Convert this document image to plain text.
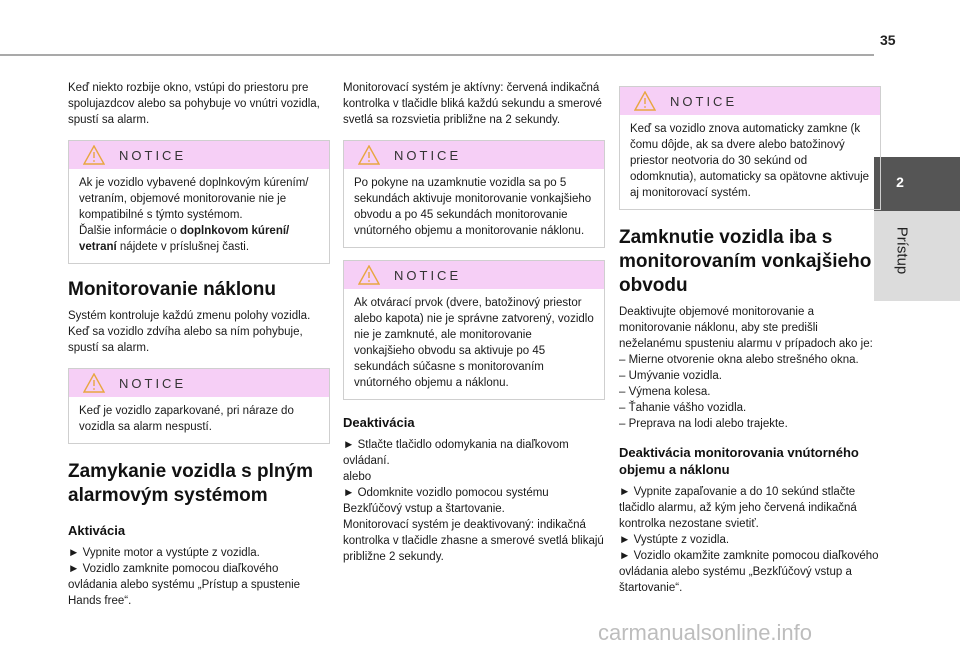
35
2
Prístup

Keď niekto rozbije okno, vstúpi do priestoru pre spolujazdcov alebo sa pohybuje vo vnútri vozidla, spustí sa alarm.

NOTICE

Ak je vozidlo vybavené doplnkovým kúrením/ vetraním, objemové monitorovanie nie je kompatibilné s týmto systémom.

Ďalšie informácie o doplnkovom kúrení/ vetraní nájdete v príslušnej časti.

Monitorovanie náklonu

Systém kontroluje každú zmenu polohy vozidla. Keď sa vozidlo zdvíha alebo sa ním pohybuje, spustí sa alarm.

NOTICE

Keď je vozidlo zaparkované, pri náraze do vozidla sa alarm nespustí.

Zamykanie vozidla s plným alarmovým systémom
Aktivácia

► Vypnite motor a vystúpte z vozidla.

► Vozidlo zamknite pomocou diaľkového ovládania alebo systému „Prístup a spustenie Hands free“.

Monitorovací systém je aktívny: červená indikačná kontrolka v tlačidle bliká každú sekundu a smerové svetlá sa rozsvietia približne na 2 sekundy.

NOTICE

Po pokyne na uzamknutie vozidla sa po 5 sekundách aktivuje monitorovanie vonkajšieho obvodu a po 45 sekundách monitorovanie vnútorného objemu a monitorovanie náklonu.

NOTICE

Ak otvárací prvok (dvere, batožinový priestor alebo kapota) nie je správne zatvorený, vozidlo nie je zamknuté, ale monitorovanie vonkajšieho obvodu sa aktivuje po 45 sekundách súčasne s monitorovaním vnútorného objemu a náklonu.

Deaktivácia

► Stlačte tlačidlo odomykania na diaľkovom ovládaní.

alebo

► Odomknite vozidlo pomocou systému Bezkľúčový vstup a štartovanie.

Monitorovací systém je deaktivovaný: indikačná kontrolka v tlačidle zhasne a smerové svetlá blikajú približne 2 sekundy.

NOTICE

Keď sa vozidlo znova automaticky zamkne (k čomu dôjde, ak sa dvere alebo batožinový priestor neotvoria do 30 sekúnd od odomknutia), automaticky sa opätovne aktivuje aj monitorovací systém.

Zamknutie vozidla iba s monitorovaním vonkajšieho obvodu

Deaktivujte objemové monitorovanie a monitorovanie náklonu, aby ste predišli neželanému spusteniu alarmu v prípadoch ako je:

– Mierne otvorenie okna alebo strešného okna.

– Umývanie vozidla.

– Výmena kolesa.

– Ťahanie vášho vozidla.

– Preprava na lodi alebo trajekte.

Deaktivácia monitorovania vnútorného objemu a náklonu

► Vypnite zapaľovanie a do 10 sekúnd stlačte tlačidlo alarmu, až kým jeho červená indikačná kontrolka nezostane svietiť.

► Vystúpte z vozidla.

► Vozidlo okamžite zamknite pomocou diaľkového ovládania alebo systému „Bezkľúčový vstup a štartovanie“.

carmanualsonline.info
